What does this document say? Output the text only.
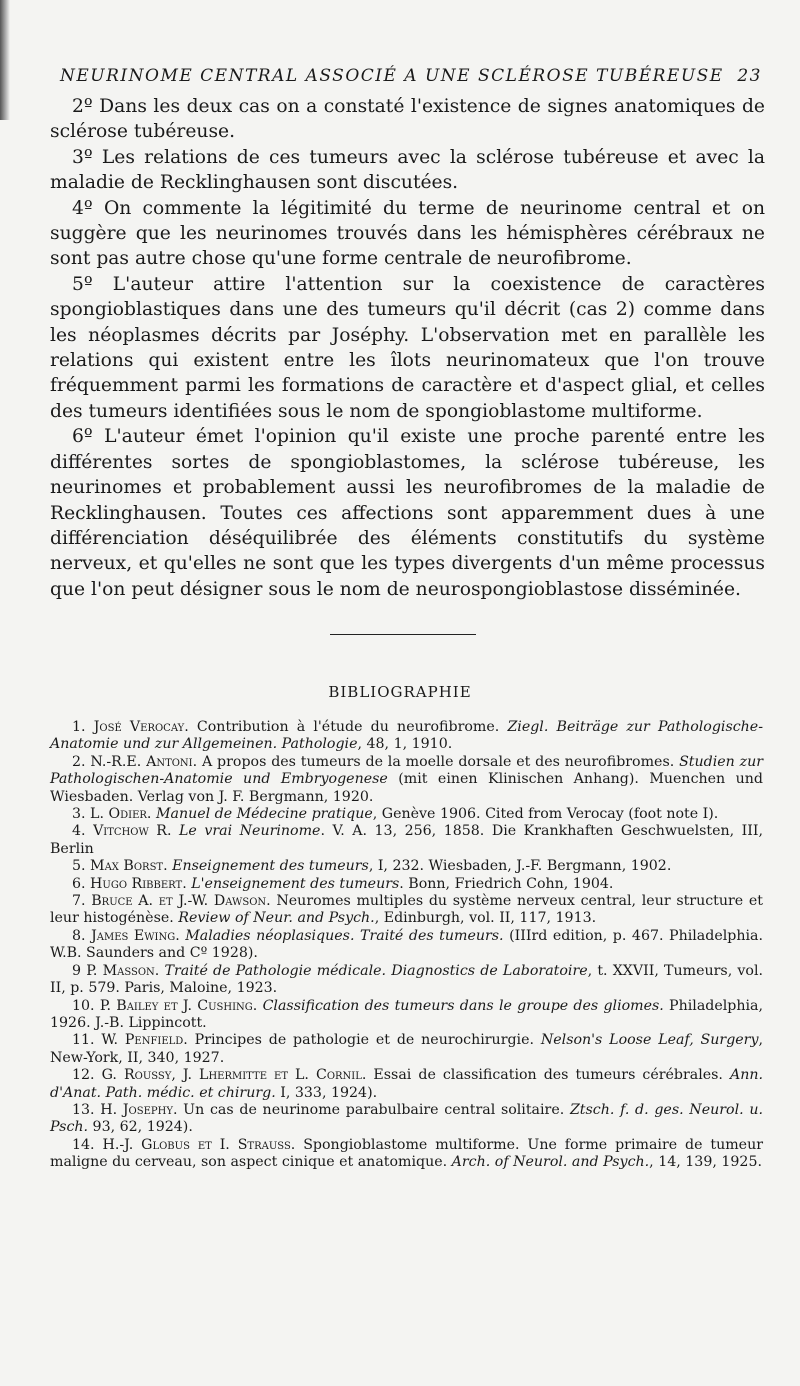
NEURINOME CENTRAL ASSOCIÉ A UNE SCLÉROSE TUBÉREUSE 23

2º Dans les deux cas on a constaté l'existence de signes anatomiques de sclérose tubéreuse.

3º Les relations de ces tumeurs avec la sclérose tubéreuse et avec la maladie de Recklinghausen sont discutées.

4º On commente la légitimité du terme de neurinome central et on suggère que les neurinomes trouvés dans les hémisphères cérébraux ne sont pas autre chose qu'une forme centrale de neurofibrome.

5º L'auteur attire l'attention sur la coexistence de caractères spongioblastiques dans une des tumeurs qu'il décrit (cas 2) comme dans les néoplasmes décrits par Joséphy. L'observation met en parallèle les relations qui existent entre les îlots neurinomateux que l'on trouve fréquemment parmi les formations de caractère et d'aspect glial, et celles des tumeurs identifiées sous le nom de spongioblastome multiforme.

6º L'auteur émet l'opinion qu'il existe une proche parenté entre les différentes sortes de spongioblastomes, la sclérose tubéreuse, les neurinomes et probablement aussi les neurofibromes de la maladie de Recklinghausen. Toutes ces affections sont apparemment dues à une différenciation déséquilibrée des éléments constitutifs du système nerveux, et qu'elles ne sont que les types divergents d'un même processus que l'on peut désigner sous le nom de neurospongioblastose disséminée.

BIBLIOGRAPHIE

1. José Verocay. Contribution à l'étude du neurofibrome. Ziegl. Beiträge zur Pathologische-Anatomie und zur Allgemeinen. Pathologie, 48, 1, 1910.

2. N.-R.E. Antoni. A propos des tumeurs de la moelle dorsale et des neurofibromes. Studien zur Pathologischen-Anatomie und Embryogenese (mit einen Klinischen Anhang). Muenchen und Wiesbaden. Verlag von J. F. Bergmann, 1920.

3. L. Odier. Manuel de Médecine pratique, Genève 1906. Cited from Verocay (foot note I).

4. Vitchow R. Le vrai Neurinome. V. A. 13, 256, 1858. Die Krankhaften Geschwuelsten, III, Berlin

5. Max Borst. Enseignement des tumeurs, I, 232. Wiesbaden, J.-F. Bergmann, 1902.

6. Hugo Ribbert. L'enseignement des tumeurs. Bonn, Friedrich Cohn, 1904.

7. Bruce A. et J.-W. Dawson. Neuromes multiples du système nerveux central, leur structure et leur histogénèse. Review of Neur. and Psych., Edinburgh, vol. II, 117, 1913.

8. James Ewing. Maladies néoplasiques. Traité des tumeurs. (IIIrd edition, p. 467. Philadelphia. W.B. Saunders and Cº 1928).

9 P. Masson. Traité de Pathologie médicale. Diagnostics de Laboratoire, t. XXVII, Tumeurs, vol. II, p. 579. Paris, Maloine, 1923.

10. P. Bailey et J. Cushing. Classification des tumeurs dans le groupe des gliomes. Philadelphia, 1926. J.-B. Lippincott.

11. W. Penfield. Principes de pathologie et de neurochirurgie. Nelson's Loose Leaf, Surgery, New-York, II, 340, 1927.

12. G. Roussy, J. Lhermitte et L. Cornil. Essai de classification des tumeurs cérébrales. Ann. d'Anat. Path. médic. et chirurg. I, 333, 1924).

13. H. Josephy. Un cas de neurinome parabulbaire central solitaire. Ztsch. f. d. ges. Neurol. u. Psch. 93, 62, 1924).

14. H.-J. Globus et I. Strauss. Spongioblastome multiforme. Une forme primaire de tumeur maligne du cerveau, son aspect cinique et anatomique. Arch. of Neurol. and Psych., 14, 139, 1925.
